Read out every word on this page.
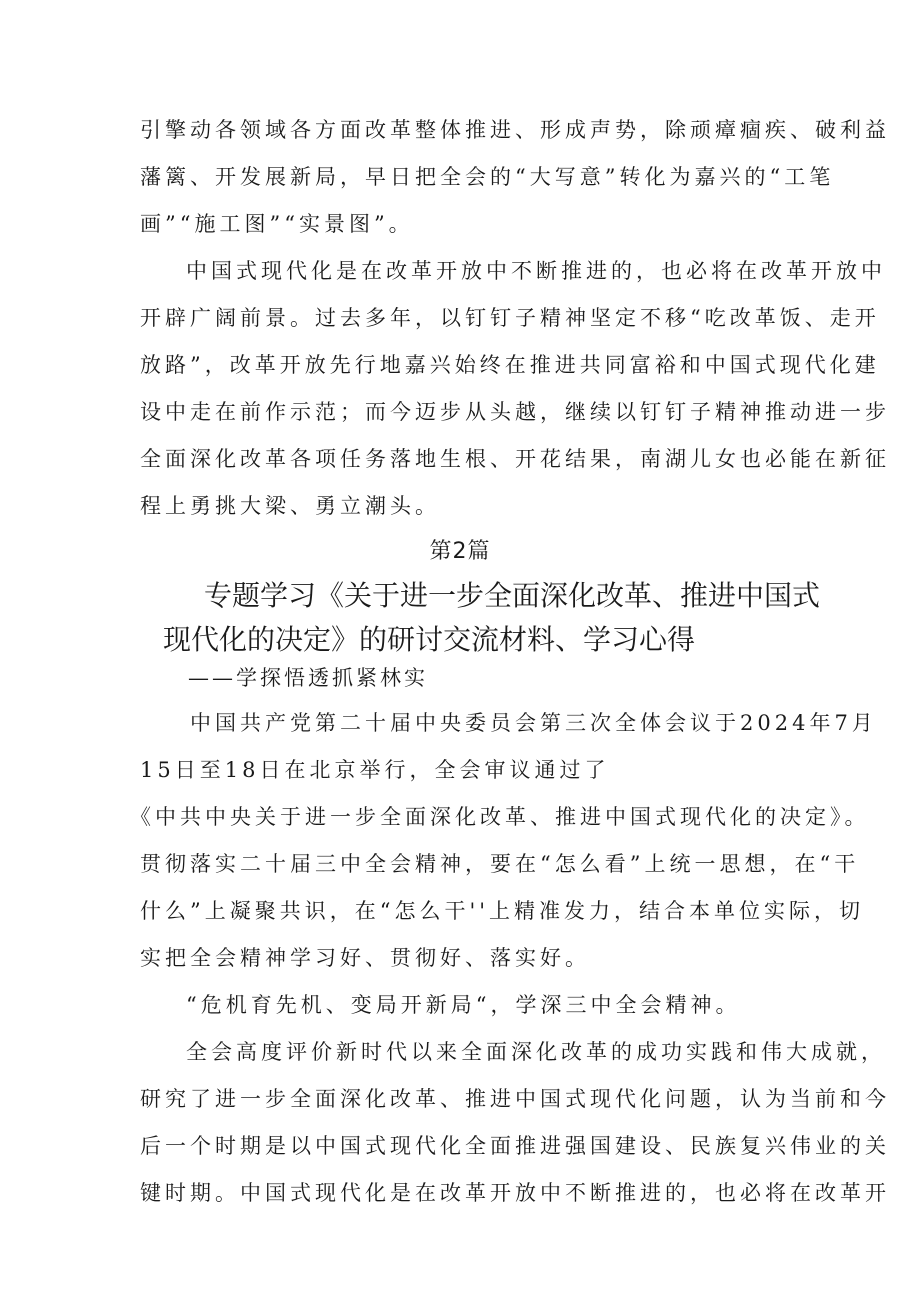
引擎动各领域各方面改革整体推进、形成声势，除顽瘴痼疾、破利益
藩篱、开发展新局，早日把全会的“大写意”转化为嘉兴的“工笔
画”“施工图”“实景图”。
中国式现代化是在改革开放中不断推进的，也必将在改革开放中
开辟广阔前景。过去多年，以钉钉子精神坚定不移“吃改革饭、走开
放路”，改革开放先行地嘉兴始终在推进共同富裕和中国式现代化建
设中走在前作示范；而今迈步从头越，继续以钉钉子精神推动进一步
全面深化改革各项任务落地生根、开花结果，南湖儿女也必能在新征
程上勇挑大梁、勇立潮头。
第2篇
专题学习《关于进一步全面深化改革、推进中国式
现代化的决定》的研讨交流材料、学习心得
——学探悟透抓紧林实
中国共产党第二十届中央委员会第三次全体会议于2024年7月
15日至18日在北京举行，全会审议通过了
《中共中央关于进一步全面深化改革、推进中国式现代化的决定》。
贯彻落实二十届三中全会精神，要在“怎么看”上统一思想，在“干
什么”上凝聚共识，在“怎么干''上精准发力，结合本单位实际，切
实把全会精神学习好、贯彻好、落实好。
“危机育先机、变局开新局“，学深三中全会精神。
全会高度评价新时代以来全面深化改革的成功实践和伟大成就，
研究了进一步全面深化改革、推进中国式现代化问题，认为当前和今
后一个时期是以中国式现代化全面推进强国建设、民族复兴伟业的关
键时期。中国式现代化是在改革开放中不断推进的，也必将在改革开
